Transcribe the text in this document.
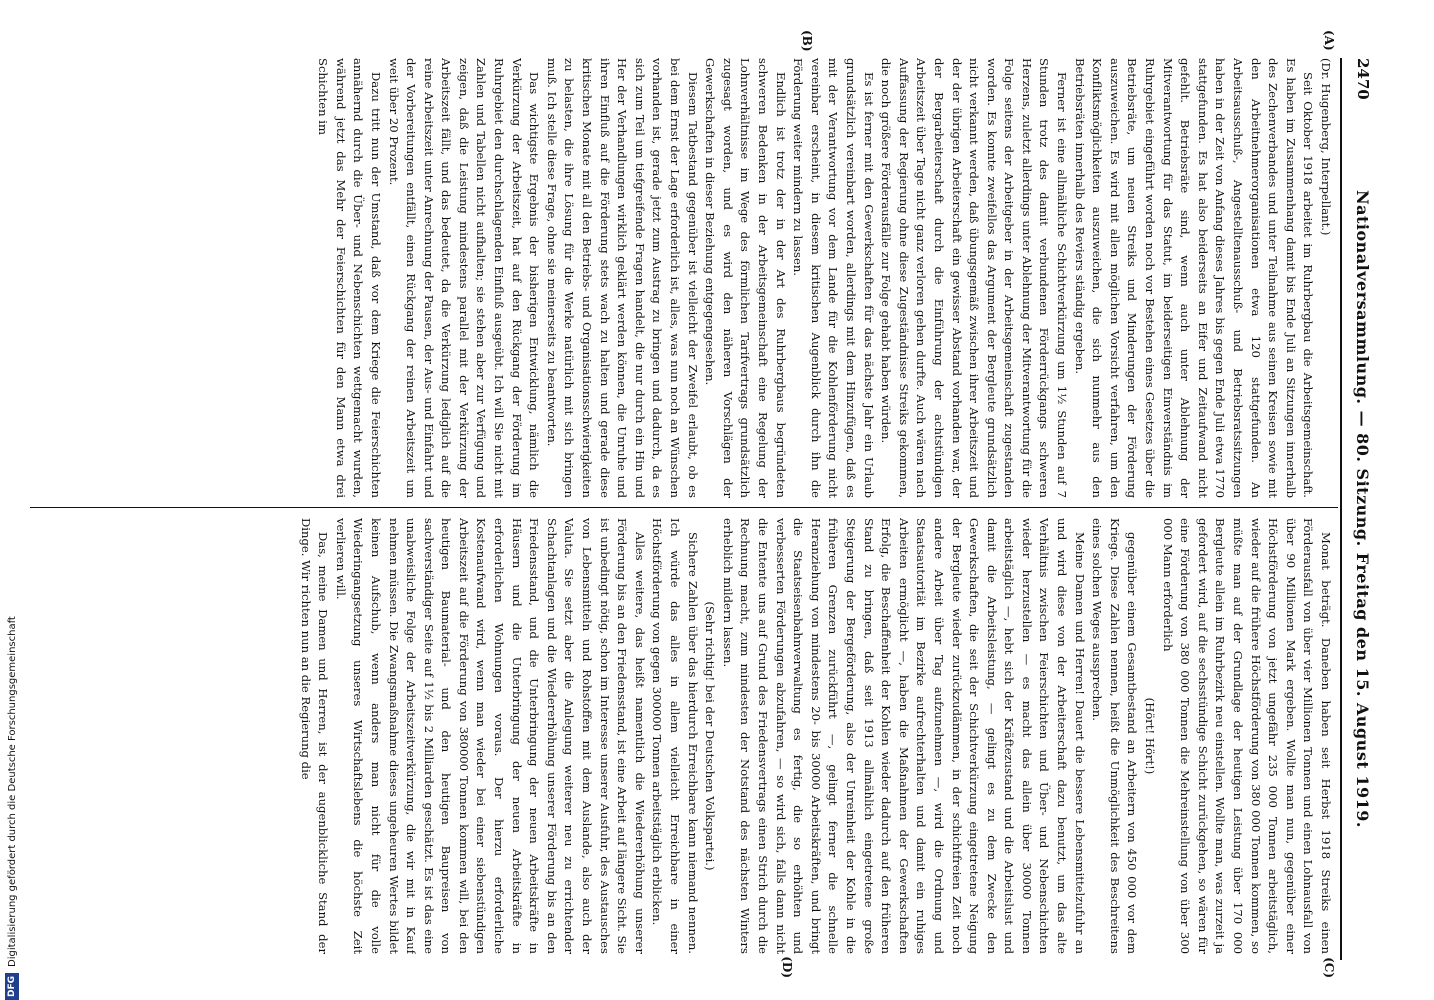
2470
Nationalversammlung. — 80. Sitzung. Freitag den 15. August 1919.
(A)
(B)
(C)
(D)

(Dr. Hugenberg, Interpellant.)

Seit Oktober 1918 arbeitet im Ruhrbergbau die Arbeitsgemeinschaft. Es haben im Zusammenhang damit bis Ende Juli an Sitzungen innerhalb des Zechenverbandes und unter Teilnahme aus seinen Kreisen sowie mit den Arbeitnehmerorganisationen etwa 120 stattgefunden. An Arbeitsausschuß-, Angestelltenausschuß- und Betriebsratssitzungen haben in der Zeit von Anfang dieses Jahres bis gegen Ende Juli etwa 1770 stattgefunden. Es hat also beiderseits an Eifer und Zeitaufwand nicht gefehlt. Betriebsräte sind, wenn auch unter Ablehnung der Mitverantwortung für das Statut, im beiderseitigen Einverständnis im Ruhrgebiet eingeführt worden noch vor Bestehen eines Gesetzes über die Betriebsräte, um neuen Streiks und Minderungen der Förderung auszuweichen. Es wird mit allen möglichen Vorsicht verfahren, um den Konfliktsmöglichkeiten auszuweichen, die sich nunmehr aus den Betriebsräten innerhalb des Reviers ständig ergeben.

Ferner ist eine allmähliche Schichtverkürzung um 1½ Stunden auf 7 Stunden trotz des damit verbundenen Förderrückgangs schweren Herzens, zuletzt allerdings unter Ablehnung der Mitverantwortung für die Folge seitens der Arbeitgeber in der Arbeitsgemeinschaft zugestanden worden. Es konnte zweifellos das Argument der Bergleute grundsätzlich nicht verkannt werden, daß übungsgemäß zwischen ihrer Arbeitszeit und der der übrigen Arbeiterschaft ein gewisser Abstand vorhanden war, der der Bergarbeiterschaft durch die Einführung der achtstündigen Arbeitszeit über Tage nicht ganz verloren gehen durfte. Auch wären nach Auffassung der Regierung ohne diese Zugeständnisse Streiks gekommen, die noch größere Förderausfälle zur Folge gehabt haben würden.

Es ist ferner mit den Gewerkschaften für das nächste Jahr ein Urlaub grundsätzlich vereinbart worden, allerdings mit dem Hinzufügen, daß es mit der Verantwortung vor dem Lande für die Kohlenförderung nicht vereinbar erscheint, in diesem kritischen Augenblick durch ihn die Förderung weiter mindern zu lassen.

Endlich ist trotz der in der Art des Ruhrbergbaus begründeten schweren Bedenken in der Arbeitsgemeinschaft eine Regelung der Lohnverhältnisse im Wege des förmlichen Tarifvertrags grundsätzlich zugesagt worden, und es wird den näheren Vorschlägen der Gewerkschaften in dieser Beziehung entgegengesehen.

Diesem Tatbestand gegenüber ist vielleicht der Zweifel erlaubt, ob es bei dem Ernst der Lage erforderlich ist, alles, was nun noch an Wünschen vorhanden ist, gerade jetzt zum Austrag zu bringen und dadurch, da es sich zum Teil um tiefgreifende Fragen handelt, die nur durch ein Hin und Her der Verhandlungen wirklich geklärt werden können, die Unruhe und ihren Einfluß auf die Förderung stets wach zu halten und gerade diese kritischen Monate mit all den Betriebs- und Organisationsschwierigkeiten zu belasten, die ihre Lösung für die Werke natürlich mit sich bringen muß. Ich stelle diese Frage, ohne sie meinerseits zu beantworten.

Das wichtigste Ergebnis der bisherigen Entwicklung, nämlich die Verkürzung der Arbeitszeit, hat auf den Rückgang der Förderung im Ruhrgebiet den durchschlagenden Einfluß ausgeübt. Ich will Sie nicht mit Zahlen und Tabellen nicht aufhalten; sie stehen aber zur Verfügung und zeigen, daß die Leistung mindestens parallel mit der Verkürzung der Arbeitszeit fällt, und das bedeutet, da die Verkürzung lediglich auf die reine Arbeitszeit unter Anrechnung der Pausen, der Aus- und Einfahrt und der Vorbereitungen entfällt, einen Rückgang der reinen Arbeitszeit um weit über 20 Prozent.

Dazu tritt nun der Umstand, daß vor dem Kriege die Feierschichten annähernd durch die Über- und Nebenschichten wettgemacht wurden, während jetzt das Mehr der Feierschichten für den Mann etwa drei Schichten im

Monat beträgt. Daneben haben seit Herbst 1918 Streiks einen Förderausfall von über vier Millionen Tonnen und einen Lohnausfall von über 90 Millionen Mark ergeben. Wollte man nun, gegenüber einer Höchstförderung von jetzt ungefähr 235 000 Tonnen arbeitstäglich, wieder auf die frühere Höchstförderung von 380 000 Tonnen kommen, so müßte man auf der Grundlage der heutigen Leistung über 170 000 Bergleute allein im Ruhrbezirk neu einstellen. Wollte man, was zurzeit ja gefordert wird, auf die sechsstündige Schicht zurückgehen, so wären für eine Förderung von 380 000 Tonnen die Mehreinstellung von über 300 000 Mann erforderlich

(Hört! Hört!)

gegenüber einem Gesamtbestand an Arbeitern von 450 000 vor dem Kriege. Diese Zahlen nennen, heißt die Unmöglichkeit des Beschreitens eines solchen Weges aussprechen.

Meine Damen und Herren! Dauert die bessere Lebensmittelzufuhr an und wird diese von der Arbeiterschaft dazu benutzt, um das alte Verhältnis zwischen Feierschichten und Über- und Nebenschichten wieder herzustellen — es macht das allein über 30000 Tonnen arbeitstäglich —, hebt sich der Kräftezustand und die Arbeitslust und damit die Arbeitsleistung, — gelingt es zu dem Zwecke den Gewerkschaften, die seit der Schichtverkürzung eingetretene Neigung der Bergleute wieder zurückzudämmen, in der schichtfreien Zeit noch andere Arbeit über Tag aufzunehmen —, wird die Ordnung und Staatsautorität im Bezirke aufrechterhalten und damit ein ruhiges Arbeiten ermöglicht —, haben die Maßnahmen der Gewerkschaften Erfolg, die Beschaffenheit der Kohlen wieder dadurch auf den früheren Stand zu bringen, daß seit 1913 allmählich eingetretene große Steigerung der Bergeförderung, also der Unreinheit der Kohle in die früheren Grenzen zurückführt —, gelingt ferner die schnelle Heranziehung von mindestens 20- bis 30000 Arbeitskräften, und bringt die Staatseisenbahnverwaltung es fertig, die so erhöhten und verbesserten Förderungen abzufahren, — so wird sich, falls dann nicht die Entente uns auf Grund des Friedensvertrags einen Strich durch die Rechnung macht, zum mindesten der Notstand des nächsten Winters erheblich mildern lassen.

(Sehr richtig! bei der Deutschen Volkspartei.)

Sichere Zahlen über das hierdurch Erreichbare kann niemand nennen. Ich würde das alles in allem vielleicht Erreichbare in einer Höchstförderung von gegen 300000 Tonnen arbeitstäglich erblicken.

Alles weitere, das heißt namentlich die Wiedererhöhung unserer Förderung bis an den Friedensstand, ist eine Arbeit auf längere Sicht. Sie ist unbedingt nötig, schon im Interesse unserer Ausfuhr, des Austausches von Lebensmitteln und Rohstoffen mit dem Auslande, also auch der Valuta. Sie setzt aber die Anlegung weiterer neu zu errichtender Schachtanlagen und die Wiedererhöhung unserer Förderung bis an den Friedensstand, und die Unterbringung der neuen Arbeitskräfte in Häusern und die Unterbringung der neuen Arbeitskräfte in erforderlichen Wohnungen voraus. Der hierzu erforderliche Kostenaufwand wird, wenn man wieder bei einer siebenstündigen Arbeitszeit auf die Förderung von 380000 Tonnen kommen will, bei den heutigen Baumaterial- und den heutigen Baupreisen von sachverständiger Seite auf 1½ bis 2 Milliarden geschätzt. Es ist das eine unabweisliche Folge der Arbeitszeitverkürzung, die wir mit in Kauf nehmen müssen. Die Zwangsmaßnahme dieses ungeheuren Wertes bildet keinen Aufschub, wenn anders man nicht für die volle Wiederingangsetzung unseres Wirtschaftslebens die höchste Zeit verlieren will.

Das, meine Damen und Herren, ist der augenblickliche Stand der Dinge. Wir richten nun an die Regierung die

DFGDigitalisierung gefördert durch die Deutsche Forschungsgemeinschaft
